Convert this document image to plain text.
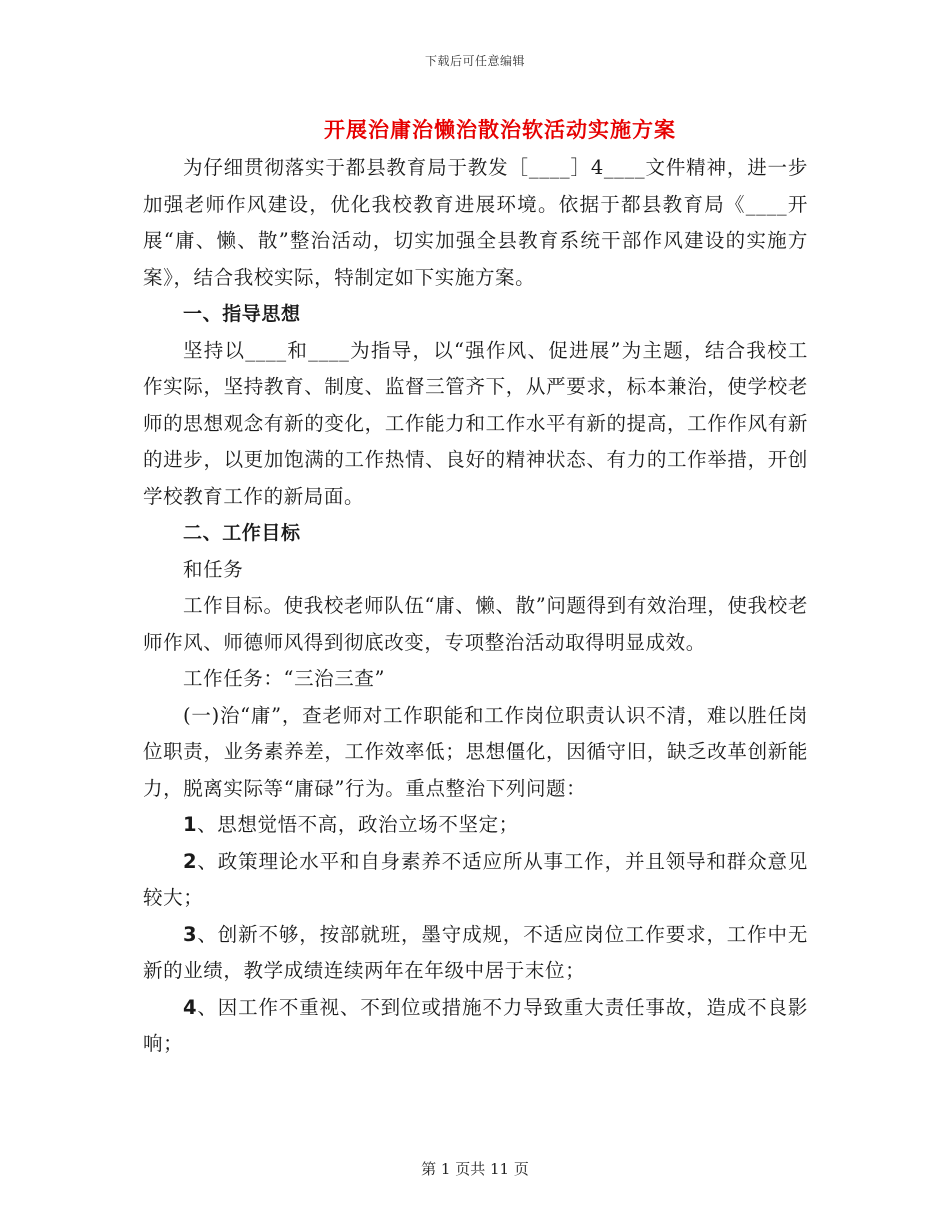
下载后可任意编辑
开展治庸治懒治散治软活动实施方案

为仔细贯彻落实于都县教育局于教发［____］4____文件精神，进一步加强老师作风建设，优化我校教育进展环境。依据于都县教育局《____开展“庸、懒、散”整治活动，切实加强全县教育系统干部作风建设的实施方案》，结合我校实际，特制定如下实施方案。

一、指导思想

坚持以____和____为指导，以“强作风、促进展”为主题，结合我校工作实际，坚持教育、制度、监督三管齐下，从严要求，标本兼治，使学校老师的思想观念有新的变化，工作能力和工作水平有新的提高，工作作风有新的进步，以更加饱满的工作热情、良好的精神状态、有力的工作举措，开创学校教育工作的新局面。

二、工作目标

和任务

工作目标。使我校老师队伍“庸、懒、散”问题得到有效治理，使我校老师作风、师德师风得到彻底改变，专项整治活动取得明显成效。

工作任务：“三治三查”

(一)治“庸”，查老师对工作职能和工作岗位职责认识不清，难以胜任岗位职责，业务素养差，工作效率低；思想僵化，因循守旧，缺乏改革创新能力，脱离实际等“庸碌”行为。重点整治下列问题：

1、思想觉悟不高，政治立场不坚定；

2、政策理论水平和自身素养不适应所从事工作，并且领导和群众意见较大；

3、创新不够，按部就班，墨守成规，不适应岗位工作要求，工作中无新的业绩，教学成绩连续两年在年级中居于末位；

4、因工作不重视、不到位或措施不力导致重大责任事故，造成不良影响；

第 1 页共 11 页
